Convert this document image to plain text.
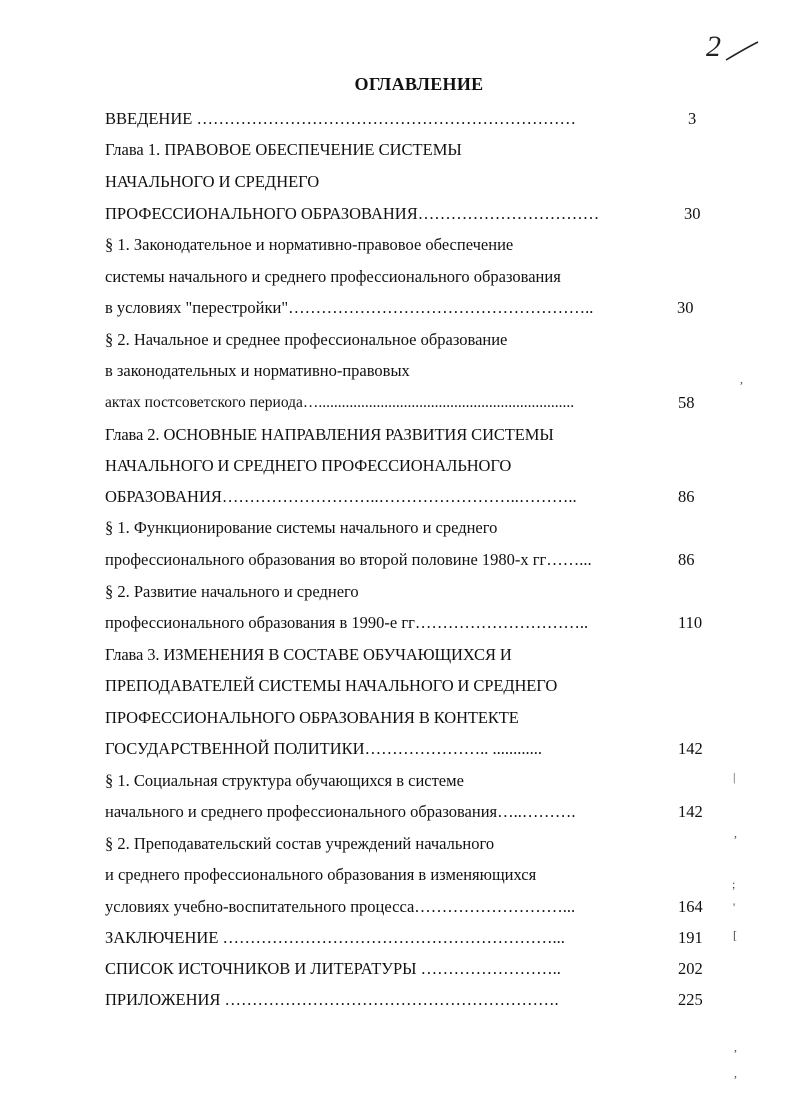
2
ОГЛАВЛЕНИЕ
ВВЕДЕНИЕ ……………………………………………………………	3
Глава 1. ПРАВОВОЕ ОБЕСПЕЧЕНИЕ СИСТЕМЫ
НАЧАЛЬНОГО И СРЕДНЕГО
ПРОФЕССИОНАЛЬНОГО ОБРАЗОВАНИЯ……………………………	30
§ 1. Законодательное и нормативно-правовое обеспечение
системы начального и среднего профессионального образования
в условиях "перестройки"………………………………………………..	30
§ 2. Начальное и среднее профессиональное образование
в законодательных и нормативно-правовых
актах постсоветского периода…..................................................................	58
Глава 2. ОСНОВНЫЕ НАПРАВЛЕНИЯ РАЗВИТИЯ СИСТЕМЫ
НАЧАЛЬНОГО И СРЕДНЕГО ПРОФЕССИОНАЛЬНОГО
ОБРАЗОВАНИЯ………………………..……………………..………..	86
§ 1. Функционирование системы начального и среднего
профессионального образования во второй половине 1980-х гг……...	86
§ 2. Развитие начального и среднего
профессионального образования в 1990-е гг…………………………..	110
Глава 3. ИЗМЕНЕНИЯ В СОСТАВЕ ОБУЧАЮЩИХСЯ И
ПРЕПОДАВАТЕЛЕЙ СИСТЕМЫ НАЧАЛЬНОГО И СРЕДНЕГО
ПРОФЕССИОНАЛЬНОГО ОБРАЗОВАНИЯ В КОНТЕКТЕ
ГОСУДАРСТВЕННОЙ ПОЛИТИКИ………………….. ............	142
§ 1. Социальная структура обучающихся в системе
начального и среднего профессионального образования…..……….	142
§ 2. Преподавательский состав учреждений начального
и среднего профессионального образования в изменяющихся
условиях учебно-воспитательного процесса………………………...	164
ЗАКЛЮЧЕНИЕ ……………………………………………………...	191
СПИСОК ИСТОЧНИКОВ И ЛИТЕРАТУРЫ ……………………..	202
ПРИЛОЖЕНИЯ …………………………………………………….	225
,
|
,
;
'
[
,
,
